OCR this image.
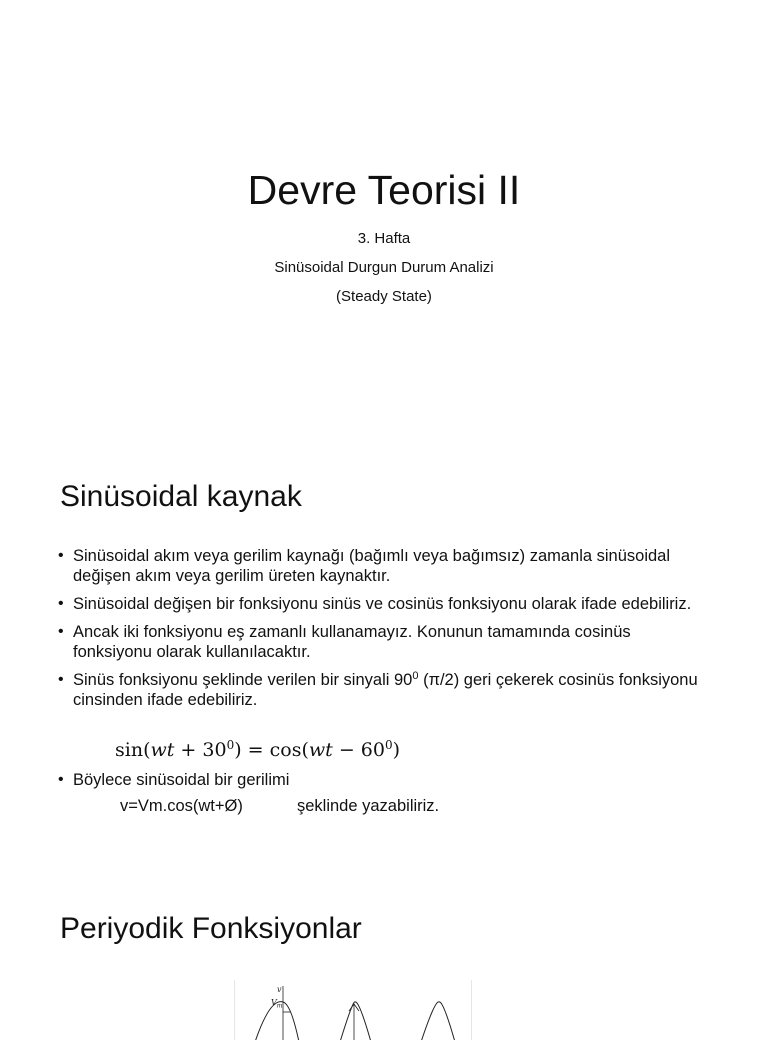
Devre Teorisi II
3. Hafta
Sinüsoidal Durgun Durum Analizi
(Steady State)
Sinüsoidal kaynak
• Sinüsoidal akım veya gerilim kaynağı (bağımlı veya bağımsız) zamanla sinüsoidal değişen akım veya gerilim üreten kaynaktır.
• Sinüsoidal değişen bir fonksiyonu sinüs ve cosinüs fonksiyonu olarak ifade edebiliriz.
• Ancak iki fonksiyonu eş zamanlı kullanamayız. Konunun tamamında cosinüs fonksiyonu olarak kullanılacaktır.
• Sinüs fonksiyonu şeklinde verilen bir sinyali $90^0$ (π/2) geri çekerek cosinüs fonksiyonu cinsinden ifade edebiliriz.
$\sin(wt + 30^0) = \cos(wt - 60^0)$
• Böylece sinüsoidal bir gerilimi
v=Vm.cos(wt+Ø)	şeklinde yazabiliriz.
Periyodik Fonksiyonlar
v
$V_m$
